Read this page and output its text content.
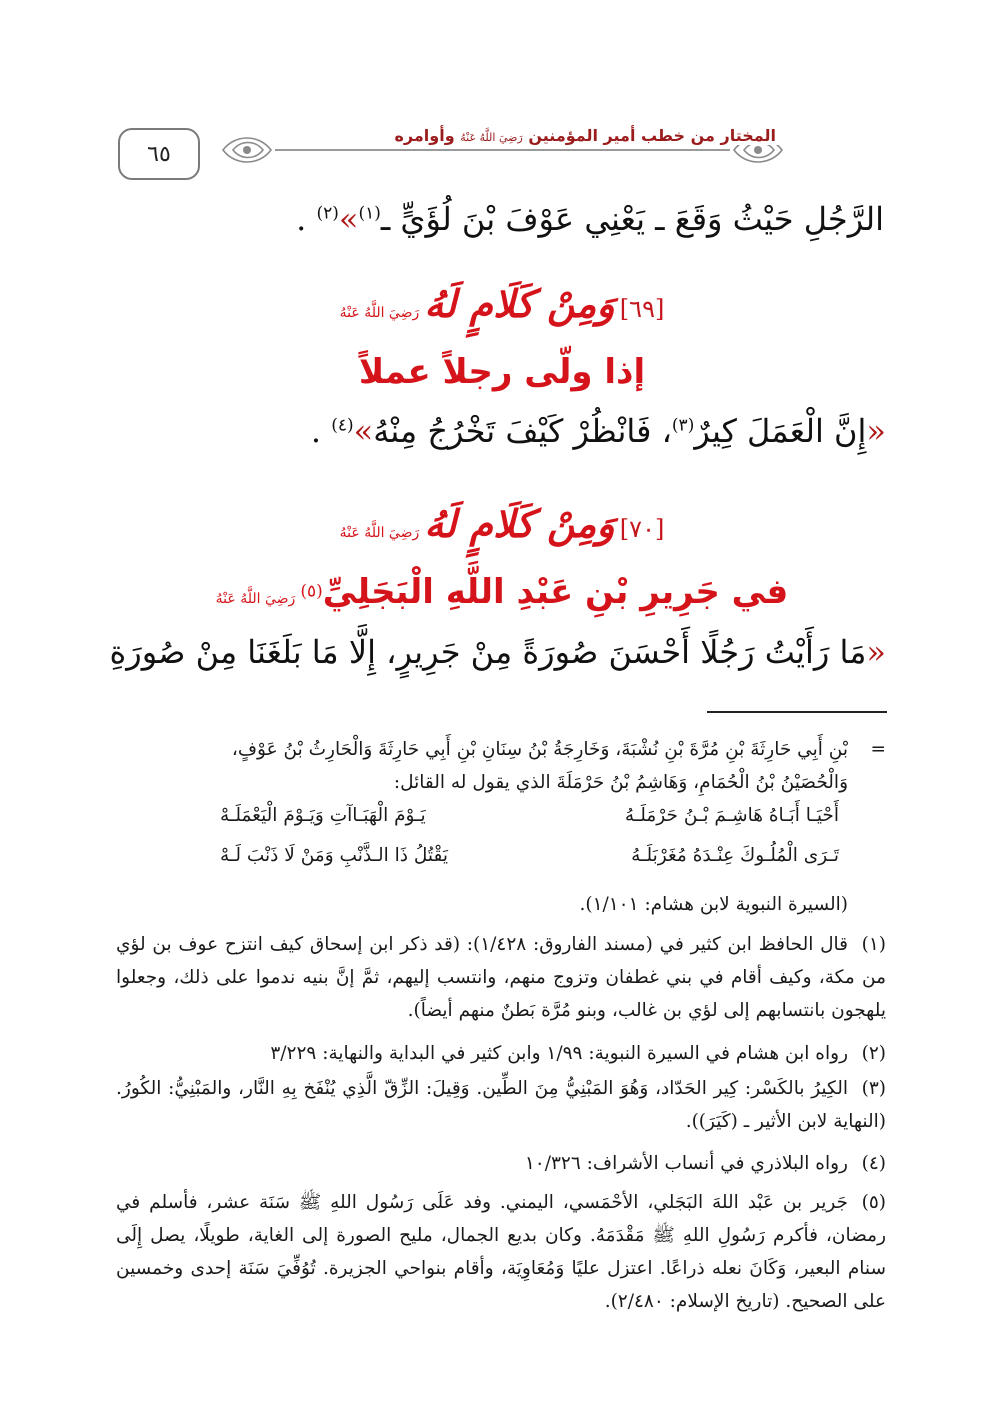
٦٥
المختار من خطب أمير المؤمنين رَضِيَ اللَّهُ عَنْهُ وأوامره
الرَّجُلِ حَيْثُ وَقَعَ ـ يَعْنِي عَوْفَ بْنَ لُؤَيٍّ ـ$^{(١)}$»$^{(٢)}$ .
[٦٩] وَمِنْ كَلَامٍ لَهُ رَضِيَ اللَّهُ عَنْهُ
إذا ولّى رجلاً عملاً
«إِنَّ الْعَمَلَ كِيرٌ$^{(٣)}$، فَانْظُرْ كَيْفَ تَخْرُجُ مِنْهُ»$^{(٤)}$ .
[٧٠] وَمِنْ كَلَامٍ لَهُ رَضِيَ اللَّهُ عَنْهُ
في جَرِيرِ بْنِ عَبْدِ اللَّهِ الْبَجَلِيِّ(٥) رَضِيَ اللَّهُ عَنْهُ
«مَا رَأَيْتُ رَجُلًا أَحْسَنَ صُورَةً مِنْ جَرِيرٍ، إِلَّا مَا بَلَغَنَا مِنْ صُورَةِ
=
بْنِ أَبِي حَارِثَةَ بْنِ مُرَّةَ بْنِ نُشْبَةَ، وَخَارِجَةُ بْنُ سِنَانِ بْنِ أَبِي حَارِثَةَ وَالْحَارِثُ بْنُ عَوْفٍ،
وَالْحُصَيْنُ بْنُ الْحُمَامِ، وَهَاشِمُ بْنُ حَرْمَلَةَ الذي يقول له القائل:
أَحْيَـا أَبَـاهُ هَاشِـمَ بْـنُ حَرْمَلَـهُ
يَـوْمَ الْهَبَـاآتِ وَيَـوْمَ الْيَعْمَلَـهْ
تَـرَى الْمُلُـوكَ عِنْـدَهُ مُغَرْبَلَـهُ
يَقْتُلُ ذَا الـذَّنْبِ وَمَنْ لَا ذَنْبَ لَـهْ
(السيرة النبوية لابن هشام: ١/١٠١).
(١)قال الحافظ ابن كثير في (مسند الفاروق: ١/٤٢٨): (قد ذكر ابن إسحاق كيف انتزح عوف بن لؤي من مكة، وكيف أقام في بني غطفان وتزوج منهم، وانتسب إليهم، ثمَّ إنَّ بنيه ندموا على ذلك، وجعلوا يلهجون بانتسابهم إلى لؤي بن غالب، وبنو مُرَّة بَطنٌ منهم أيضاً).
(٢)رواه ابن هشام في السيرة النبوية: ١/٩٩ وابن كثير في البداية والنهاية: ٣/٢٢٩
(٣)الكِيرُ بالكَسْر: كِير الحَدّاد، وَهُوَ المَبْنِيُّ مِنَ الطِّين. وَقِيلَ: الزِّقّ الَّذِي يُنْفَخ بِهِ النَّار، والمَبْنِيُّ: الكُورُ. (النهاية لابن الأثير ـ (كَيَرَ)).
(٤)رواه البلاذري في أنساب الأشراف: ١٠/٣٢٦
(٥)جَرير بن عَبْد اللهَ البَجَلي، الأحْمَسي، اليمني. وفد عَلَى رَسُول اللهِ ﷺ سَنَة عشر، فأسلم في رمضان، فأكرم رَسُولِ اللهِ ﷺ مَقْدَمَهُ. وكان بديع الجمال، مليح الصورة إلى الغاية، طويلًا، يصل إِلَى سنام البعير، وَكَانَ نعله ذراعًا. اعتزل عليًا وَمُعَاوِيَة، وأقام بنواحي الجزيرة. تُوُفِّيَ سَنَة إحدى وخمسين على الصحيح. (تاريخ الإسلام: ٢/٤٨٠).
